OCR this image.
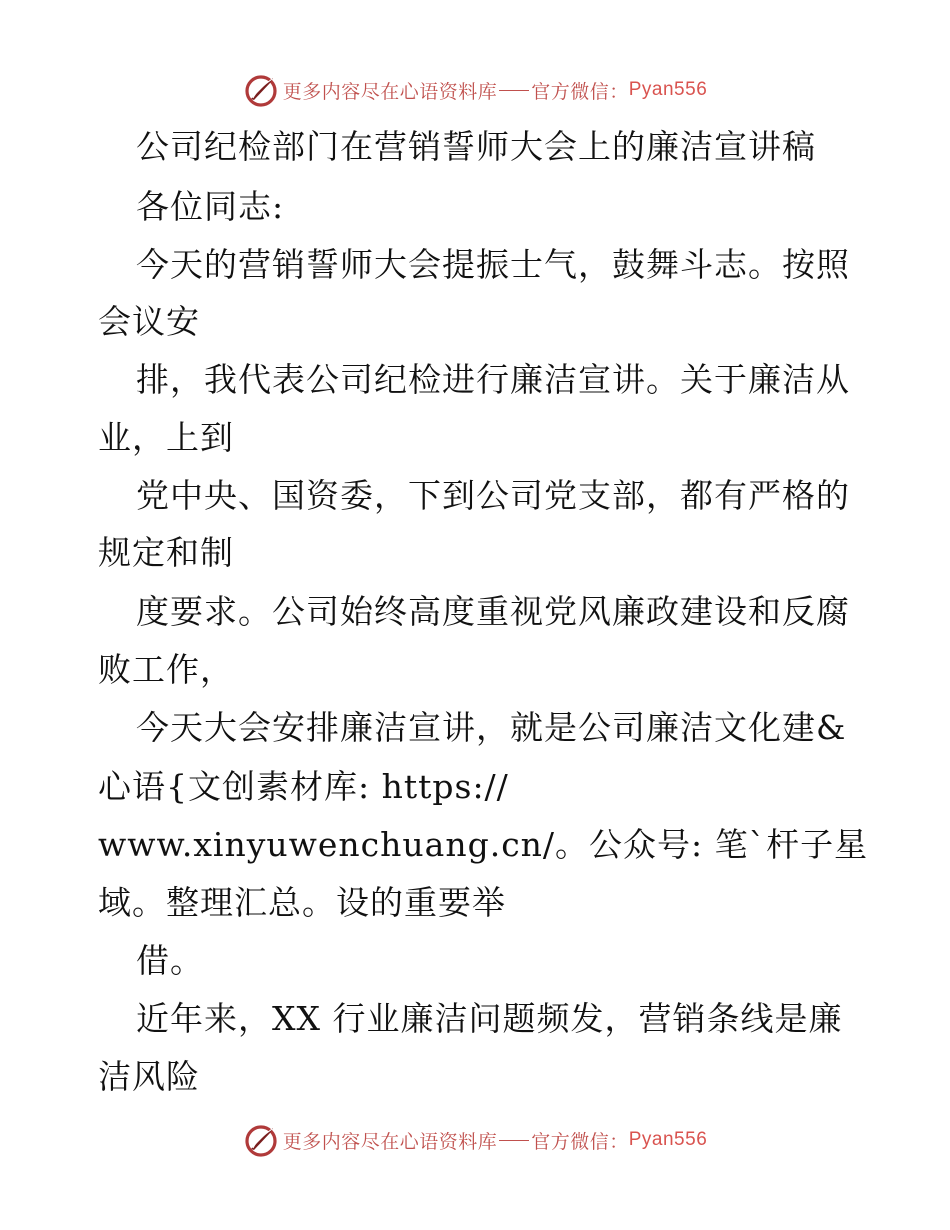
更多内容尽在心语资料库 官方微信： Pyan556
公司纪检部门在营销誓师大会上的廉洁宣讲稿
各位同志:
今天的营销誓师大会提振士气，鼓舞斗志。按照
会议安
排，我代表公司纪检进行廉洁宣讲。关于廉洁从
业，上到
党中央、国资委，下到公司党支部，都有严格的
规定和制
度要求。公司始终高度重视党风廉政建设和反腐
败工作，
今天大会安排廉洁宣讲，就是公司廉洁文化建&
心语{文创素材库: https://
www.xinyuwenchuang.cn/。公众号: 笔`杆子星
域。整理汇总。设的重要举
借。
近年来，XX 行业廉洁问题频发，营销条线是廉
洁风险
更多内容尽在心语资料库 官方微信： Pyan556
